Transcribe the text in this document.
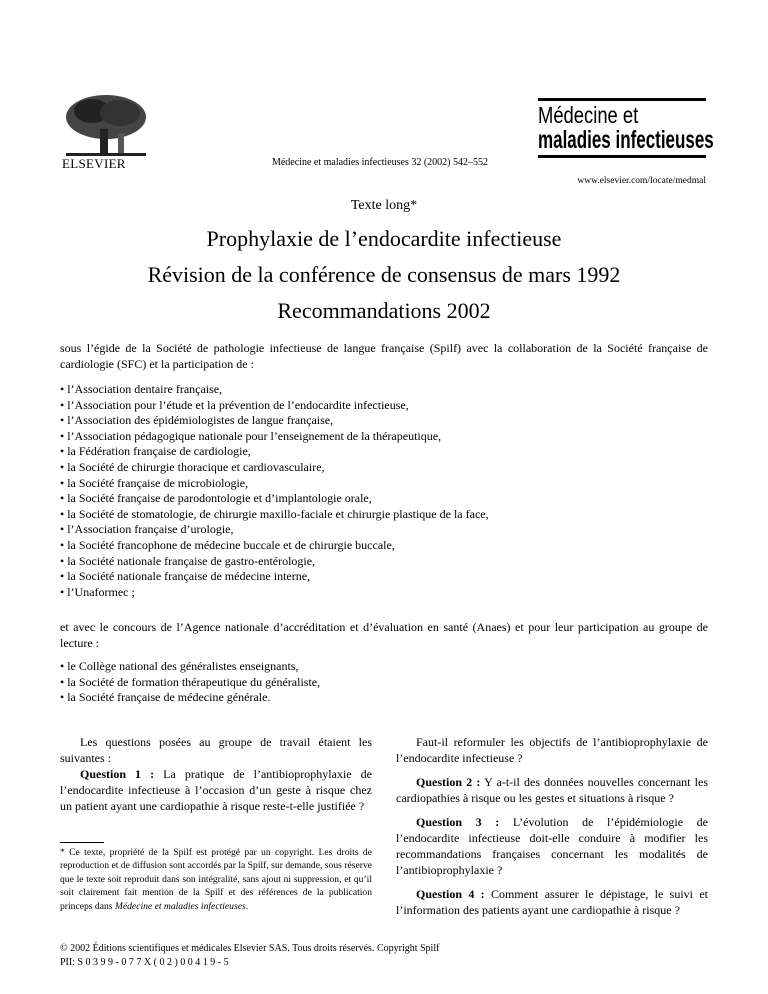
ELSEVIER	Médecine et maladies infectieuses 32 (2002) 542–552
Médecine et
maladies infectieuses
www.elsevier.com/locate/medmal
Texte long*
Prophylaxie de l’endocardite infectieuse
Révision de la conférence de consensus de mars 1992
Recommandations 2002
sous l’égide de la Société de pathologie infectieuse de langue française (Spilf) avec la collaboration de la Société française de cardiologie (SFC) et la participation de :
• l’Association dentaire française,
• l’Association pour l’étude et la prévention de l’endocardite infectieuse,
• l’Association des épidémiologistes de langue française,
• l’Association pédagogique nationale pour l’enseignement de la thérapeutique,
• la Fédération française de cardiologie,
• la Société de chirurgie thoracique et cardiovasculaire,
• la Société française de microbiologie,
• la Société française de parodontologie et d’implantologie orale,
• la Société de stomatologie, de chirurgie maxillo-faciale et chirurgie plastique de la face,
• l’Association française d’urologie,
• la Société francophone de médecine buccale et de chirurgie buccale,
• la Société nationale française de gastro-entérologie,
• la Société nationale française de médecine interne,
• l’Unaformec ;
et avec le concours de l’Agence nationale d’accréditation et d’évaluation en santé (Anaes) et pour leur participation au groupe de lecture :
• le Collège national des généralistes enseignants,
• la Société de formation thérapeutique du généraliste,
• la Société française de médecine générale.

Les questions posées au groupe de travail étaient les suivantes :

Question 1 : La pratique de l’antibioprophylaxie de l’endocardite infectieuse à l’occasion d’un geste à risque chez un patient ayant une cardiopathie à risque reste-t-elle justifiée ?

Faut-il reformuler les objectifs de l’antibioprophylaxie de l’endocardite infectieuse ?

Question 2 : Y a-t-il des données nouvelles concernant les cardiopathies à risque ou les gestes et situations à risque ?

Question 3 : L’évolution de l’épidémiologie de l’endocardite infectieuse doit-elle conduire à modifier les recommandations françaises concernant les modalités de l’antibioprophylaxie ?

Question 4 : Comment assurer le dépistage, le suivi et l’information des patients ayant une cardiopathie à risque ?

* Ce texte, propriété de la Spilf est protégé par un copyright. Les droits de reproduction et de diffusion sont accordés par la Spilf, sur demande, sous réserve que le texte soit reproduit dans son intégralité, sans ajout ni suppression, et qu’il soit clairement fait mention de la Spilf et des références de la publication princeps dans Médecine et maladies infectieuses.
© 2002 Éditions scientifiques et médicales Elsevier SAS. Tous droits réservés. Copyright Spilf
PII: S 0 3 9 9 - 0 7 7 X ( 0 2 ) 0 0 4 1 9 - 5
